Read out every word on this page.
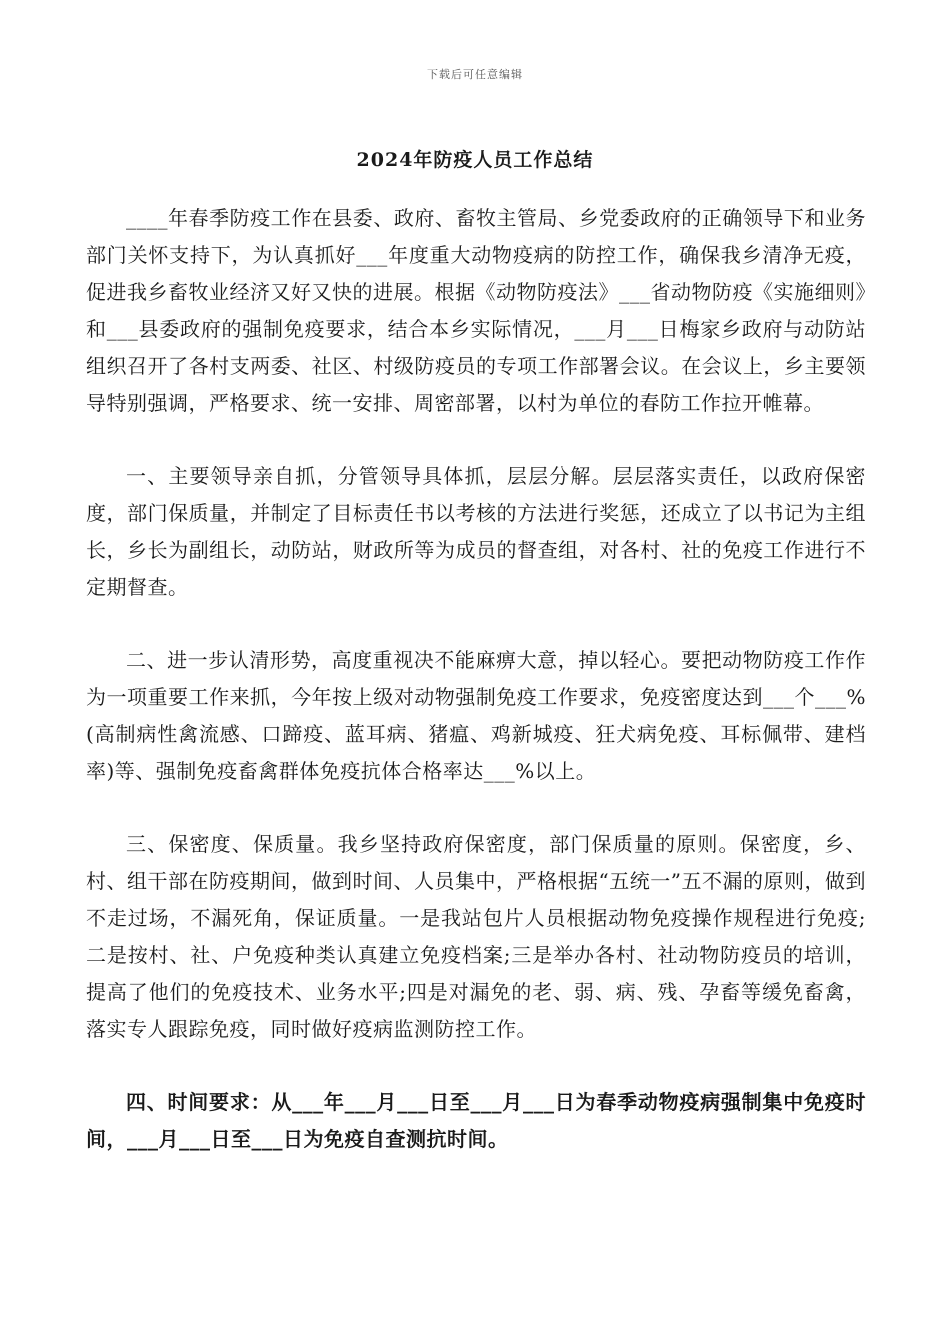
下载后可任意编辑
2024年防疫人员工作总结

____年春季防疫工作在县委、政府、畜牧主管局、乡党委政府的正确领导下和业务部门关怀支持下，为认真抓好___年度重大动物疫病的防控工作，确保我乡清净无疫，促进我乡畜牧业经济又好又快的进展。根据《动物防疫法》___省动物防疫《实施细则》和___县委政府的强制免疫要求，结合本乡实际情况，___月___日梅家乡政府与动防站组织召开了各村支两委、社区、村级防疫员的专项工作部署会议。在会议上，乡主要领导特别强调，严格要求、统一安排、周密部署，以村为单位的春防工作拉开帷幕。

一、主要领导亲自抓，分管领导具体抓，层层分解。层层落实责任，以政府保密度，部门保质量，并制定了目标责任书以考核的方法进行奖惩，还成立了以书记为主组长，乡长为副组长，动防站，财政所等为成员的督查组，对各村、社的免疫工作进行不定期督查。

二、进一步认清形势，高度重视决不能麻痹大意，掉以轻心。要把动物防疫工作作为一项重要工作来抓，今年按上级对动物强制免疫工作要求，免疫密度达到___个___%(高制病性禽流感、口蹄疫、蓝耳病、猪瘟、鸡新城疫、狂犬病免疫、耳标佩带、建档率)等、强制免疫畜禽群体免疫抗体合格率达___%以上。

三、保密度、保质量。我乡坚持政府保密度，部门保质量的原则。保密度，乡、村、组干部在防疫期间，做到时间、人员集中，严格根据“五统一”五不漏的原则，做到不走过场，不漏死角，保证质量。一是我站包片人员根据动物免疫操作规程进行免疫;二是按村、社、户免疫种类认真建立免疫档案;三是举办各村、社动物防疫员的培训，提高了他们的免疫技术、业务水平;四是对漏免的老、弱、病、残、孕畜等缓免畜禽，落实专人跟踪免疫，同时做好疫病监测防控工作。

四、时间要求：从___年___月___日至___月___日为春季动物疫病强制集中免疫时间，___月___日至___日为免疫自查测抗时间。
